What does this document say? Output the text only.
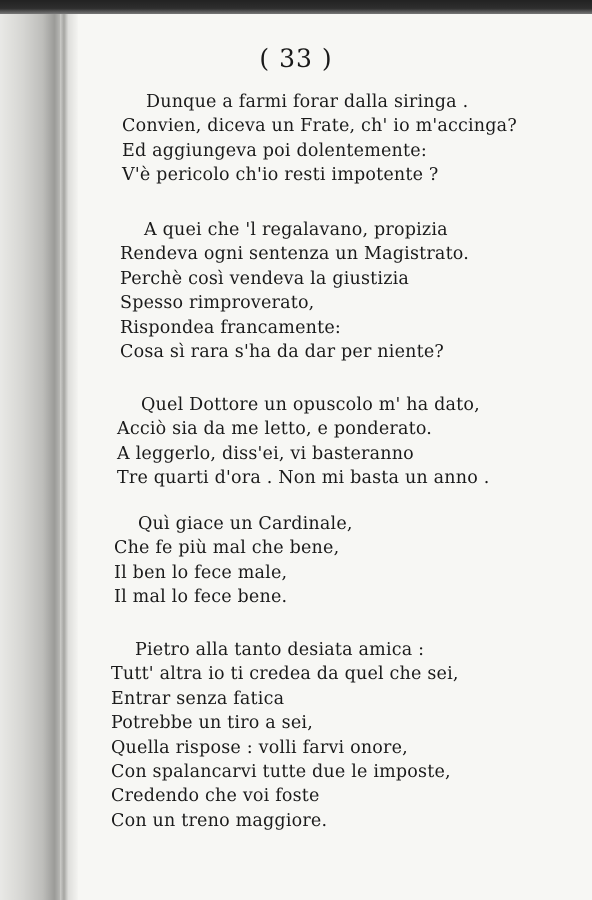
( 33 )
Dunque a farmi forar dalla siringa .
Convien, diceva un Frate, ch' io m'accinga?
Ed aggiungeva poi dolentemente:
V'è pericolo ch'io resti impotente ?
A quei che 'l regalavano, propizia
Rendeva ogni sentenza un Magistrato.
Perchè così vendeva la giustizia
Spesso rimproverato,
Rispondea francamente:
Cosa sì rara s'ha da dar per niente?
Quel Dottore un opuscolo m' ha dato,
Acciò sia da me letto, e ponderato.
A leggerlo, diss'ei, vi basteranno
Tre quarti d'ora . Non mi basta un anno .
Quì giace un Cardinale,
Che fe più mal che bene,
Il ben lo fece male,
Il mal lo fece bene.
Pietro alla tanto desiata amica :
Tutt' altra io ti credea da quel che sei,
Entrar senza fatica
Potrebbe un tiro a sei,
Quella rispose : volli farvi onore,
Con spalancarvi tutte due le imposte,
Credendo che voi foste
Con un treno maggiore.
